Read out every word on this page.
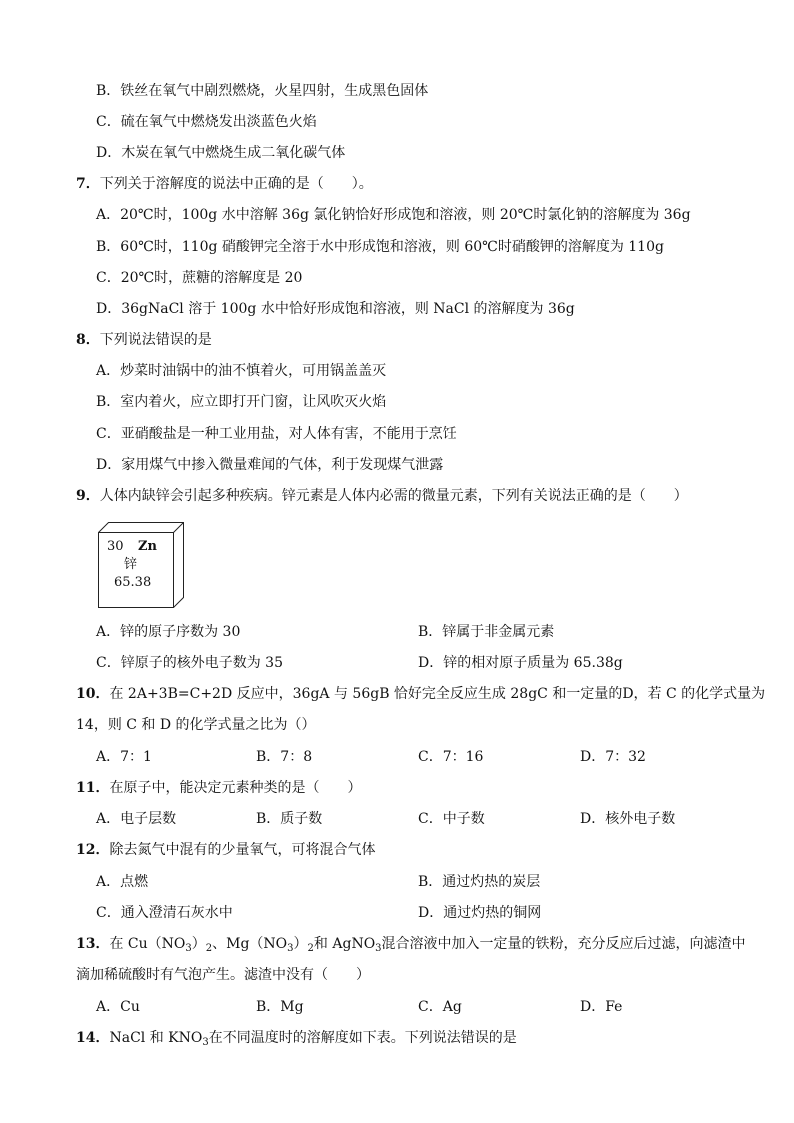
B．铁丝在氧气中剧烈燃烧，火星四射，生成黑色固体
C．硫在氧气中燃烧发出淡蓝色火焰
D．木炭在氧气中燃烧生成二氧化碳气体
7．下列关于溶解度的说法中正确的是（　　）。
A．20℃时，100g 水中溶解 36g 氯化钠恰好形成饱和溶液，则 20℃时氯化钠的溶解度为 36g
B．60℃时，110g 硝酸钾完全溶于水中形成饱和溶液，则 60℃时硝酸钾的溶解度为 110g
C．20℃时，蔗糖的溶解度是 20
D．36gNaCl 溶于 100g 水中恰好形成饱和溶液，则 NaCl 的溶解度为 36g
8．下列说法错误的是
A．炒菜时油锅中的油不慎着火，可用锅盖盖灭
B．室内着火，应立即打开门窗，让风吹灭火焰
C．亚硝酸盐是一种工业用盐，对人体有害，不能用于烹饪
D．家用煤气中掺入微量难闻的气体，利于发现煤气泄露
9．人体内缺锌会引起多种疾病。锌元素是人体内必需的微量元素，下列有关说法正确的是（　　）
30 Zn
锌
65.38
A．锌的原子序数为 30	B．锌属于非金属元素
C．锌原子的核外电子数为 35	D．锌的相对原子质量为 65.38g
10．在 2A+3B=C+2D 反应中，36gA 与 56gB 恰好完全反应生成 28gC 和一定量的D，若 C 的化学式量为
14，则 C 和 D 的化学式量之比为（）
A．7：1	B．7：8	C．7：16	D．7：32
11．在原子中，能决定元素种类的是（　　）
A．电子层数	B．质子数	C．中子数	D．核外电子数
12．除去氮气中混有的少量氧气，可将混合气体
A．点燃	B．通过灼热的炭层
C．通入澄清石灰水中	D．通过灼热的铜网
13．在 $Cu(NO_3)_2$、$Mg(NO_3)_2$和 AgNO$_3$混合溶液中加入一定量的铁粉，充分反应后过滤，向滤渣中
滴加稀硫酸时有气泡产生。滤渣中没有（　　）
A．Cu	B．Mg	C．Ag	D．Fe
14．NaCl 和 $KNO_3$在不同温度时的溶解度如下表。下列说法错误的是
